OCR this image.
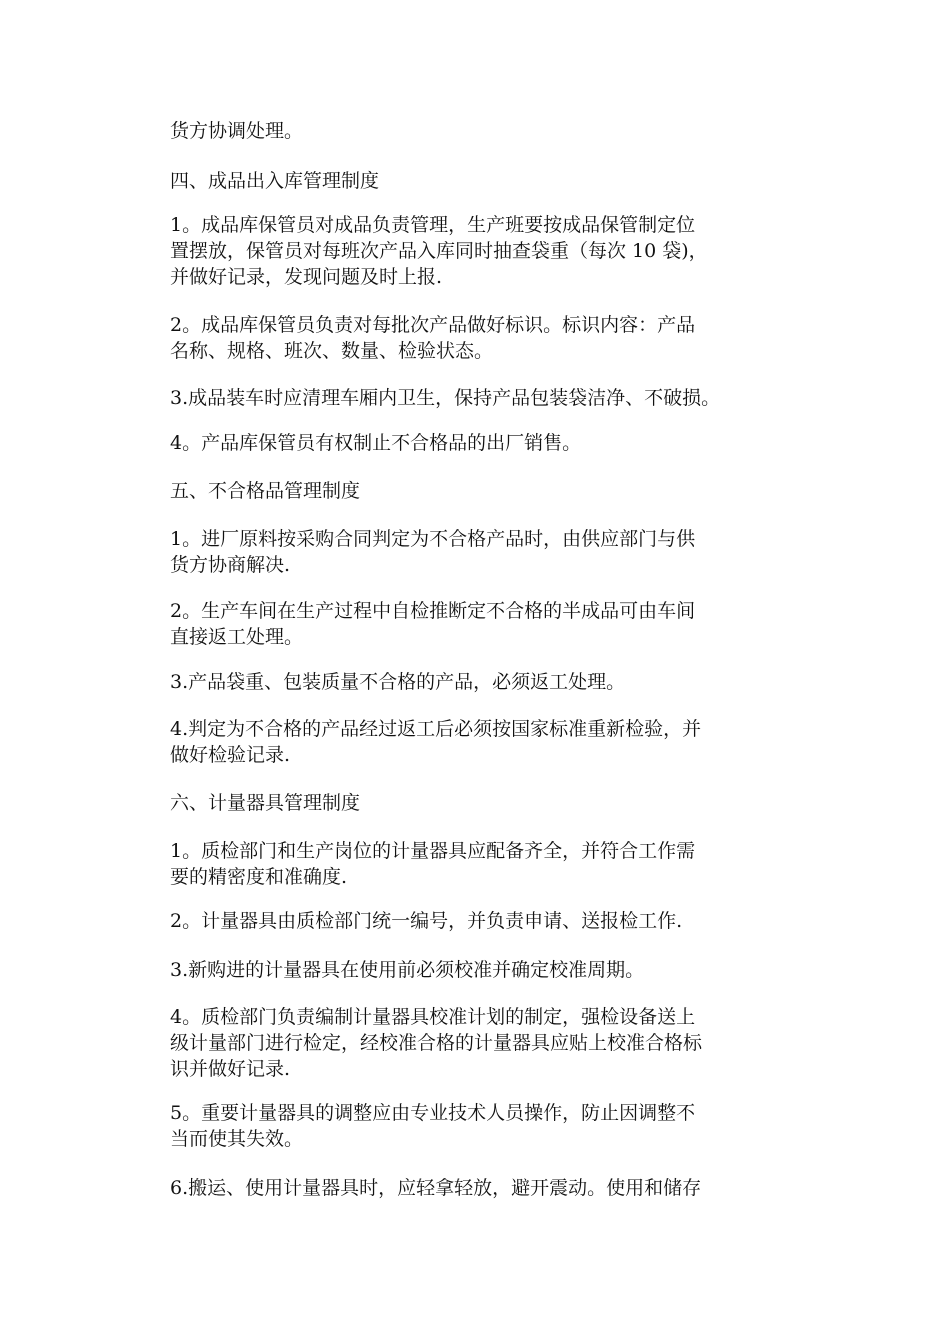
货方协调处理。

四、成品出入库管理制度

1。成品库保管员对成品负责管理，生产班要按成品保管制定位
置摆放，保管员对每班次产品入库同时抽查袋重（每次 10 袋)，
并做好记录，发现问题及时上报.

2。成品库保管员负责对每批次产品做好标识。标识内容：产品
名称、规格、班次、数量、检验状态。

3.成品装车时应清理车厢内卫生，保持产品包装袋洁净、不破损。

4。产品库保管员有权制止不合格品的出厂销售。

五、不合格品管理制度

1。进厂原料按采购合同判定为不合格产品时，由供应部门与供
货方协商解决.

2。生产车间在生产过程中自检推断定不合格的半成品可由车间
直接返工处理。

3.产品袋重、包装质量不合格的产品，必须返工处理。

4.判定为不合格的产品经过返工后必须按国家标准重新检验，并
做好检验记录.

六、计量器具管理制度

1。质检部门和生产岗位的计量器具应配备齐全，并符合工作需
要的精密度和准确度.

2。计量器具由质检部门统一编号，并负责申请、送报检工作.

3.新购进的计量器具在使用前必须校准并确定校准周期。

4。质检部门负责编制计量器具校准计划的制定，强检设备送上
级计量部门进行检定，经校准合格的计量器具应贴上校准合格标
识并做好记录.

5。重要计量器具的调整应由专业技术人员操作，防止因调整不
当而使其失效。

6.搬运、使用计量器具时，应轻拿轻放，避开震动。使用和储存
